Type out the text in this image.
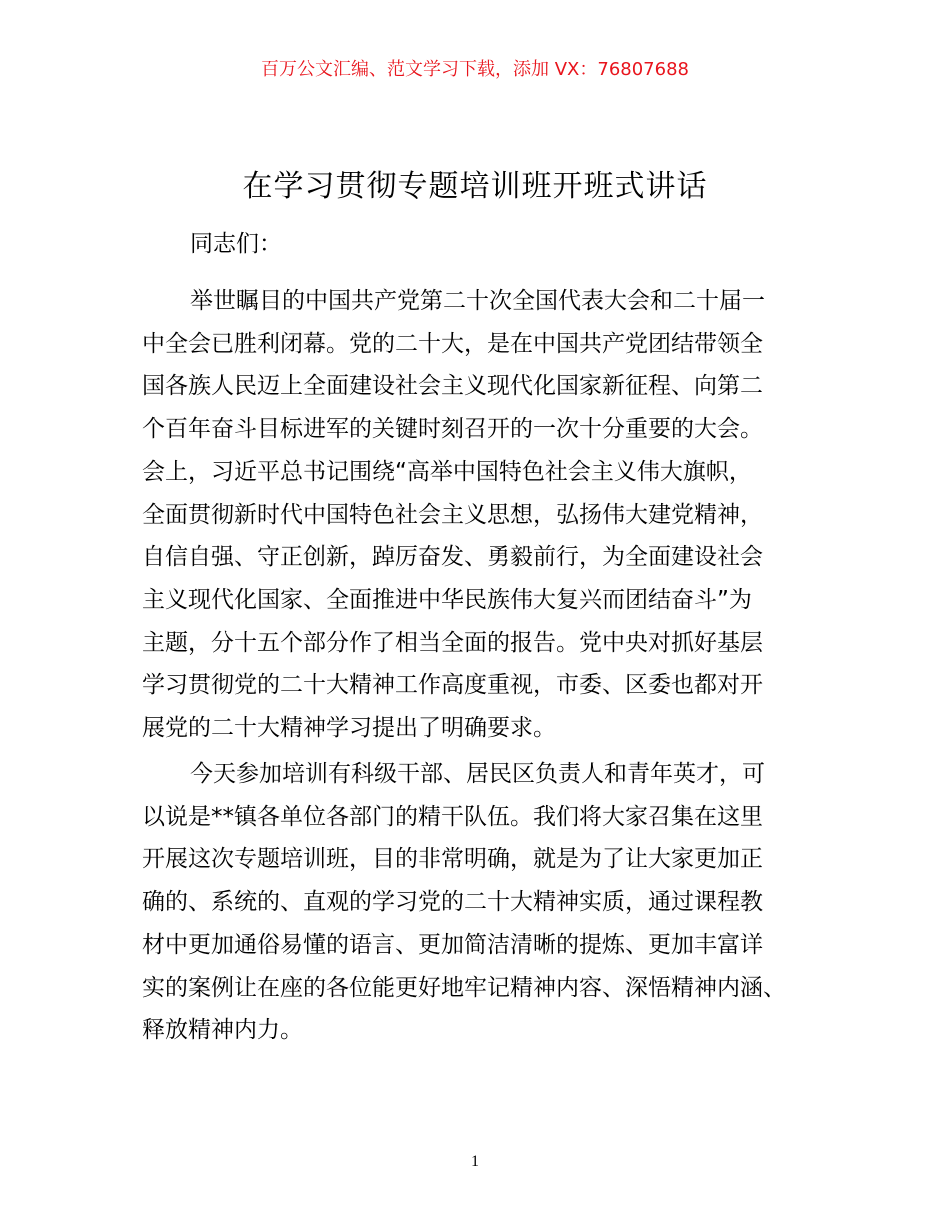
百万公文汇编、范文学习下载，添加 VX：76807688
在学习贯彻专题培训班开班式讲话
同志们：

举世瞩目的中国共产党第二十次全国代表大会和二十届一
中全会已胜利闭幕。党的二十大，是在中国共产党团结带领全
国各族人民迈上全面建设社会主义现代化国家新征程、向第二
个百年奋斗目标进军的关键时刻召开的一次十分重要的大会。
会上，习近平总书记围绕“高举中国特色社会主义伟大旗帜，
全面贯彻新时代中国特色社会主义思想，弘扬伟大建党精神，
自信自强、守正创新，踔厉奋发、勇毅前行，为全面建设社会
主义现代化国家、全面推进中华民族伟大复兴而团结奋斗”为
主题，分十五个部分作了相当全面的报告。党中央对抓好基层
学习贯彻党的二十大精神工作高度重视，市委、区委也都对开
展党的二十大精神学习提出了明确要求。

今天参加培训有科级干部、居民区负责人和青年英才，可
以说是**镇各单位各部门的精干队伍。我们将大家召集在这里
开展这次专题培训班，目的非常明确，就是为了让大家更加正
确的、系统的、直观的学习党的二十大精神实质，通过课程教
材中更加通俗易懂的语言、更加简洁清晰的提炼、更加丰富详
实的案例让在座的各位能更好地牢记精神内容、深悟精神内涵、
释放精神内力。

1
